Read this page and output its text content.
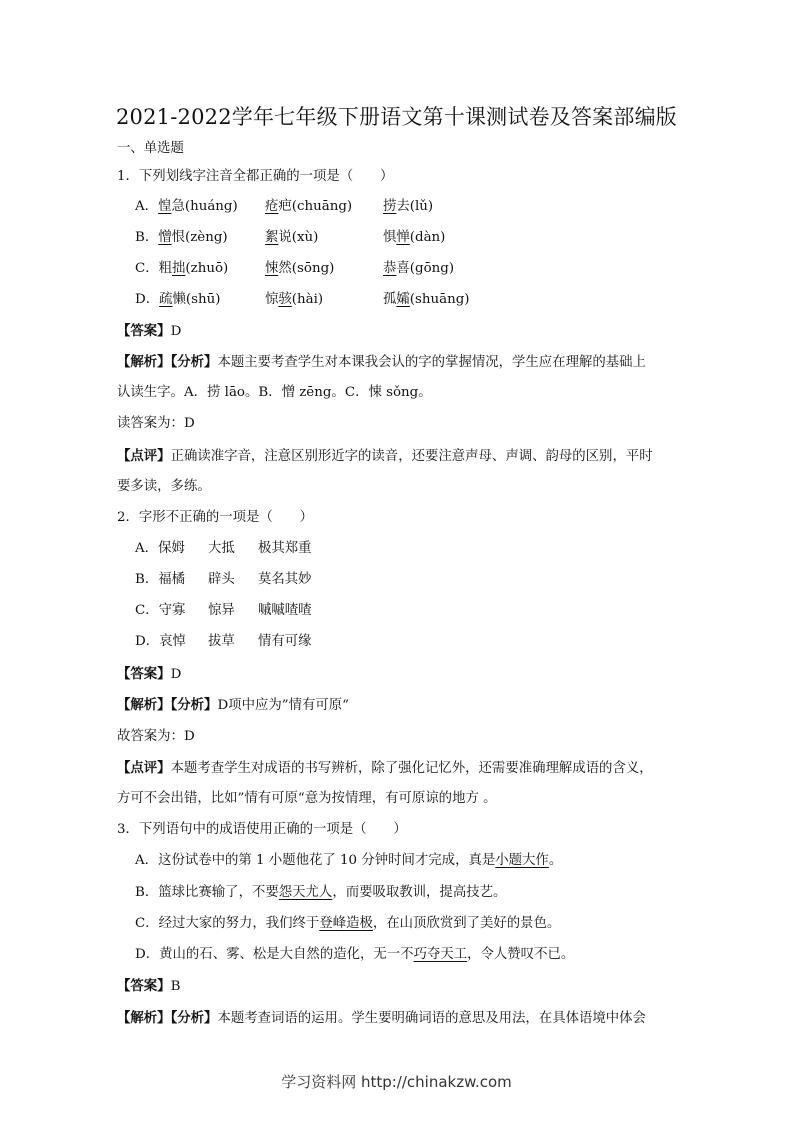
2021-2022学年七年级下册语文第十课测试卷及答案部编版
一、单选题
1．下列划线字注音全都正确的一项是（　　）
A．惶急(huáng) 疮疤(chuāng) 捞去(lǔ)
B．憎恨(zèng)	絮说(xù)	惧惮(dàn)
C．粗拙(zhuō)	悚然(sōng)	恭喜(gōng)
D．疏懒(shū)	惊骇(hài)	孤孀(shuāng)
【答案】D
【解析】【分析】本题主要考查学生对本课我会认的字的掌握情况，学生应在理解的基础上
认读生字。A．捞 lāo。B．憎 zēng。C．悚 sǒng。
读答案为：D
【点评】正确读准字音，注意区别形近字的读音，还要注意声母、声调、韵母的区别，平时
要多读，多练。
2．字形不正确的一项是（　　）
A．保姆 大抵 极其郑重
B．福橘 辟头 莫名其妙
C．守寡 惊异 嘁嘁喳喳
D．哀悼 拔草 情有可缘
【答案】D
【解析】【分析】D项中应为”情有可原“
故答案为：D
【点评】本题考查学生对成语的书写辨析，除了强化记忆外，还需要准确理解成语的含义，
方可不会出错，比如”情有可原“意为按情理，有可原谅的地方 。
3．下列语句中的成语使用正确的一项是（　　）
A．这份试卷中的第 1 小题他花了 10 分钟时间才完成，真是小题大作。
B．篮球比赛输了，不要怨天尤人，而要吸取教训，提高技艺。
C．经过大家的努力，我们终于登峰造极，在山顶欣赏到了美好的景色。
D．黄山的石、雾、松是大自然的造化，无一不巧夺天工，令人赞叹不已。
【答案】B
【解析】【分析】本题考查词语的运用。学生要明确词语的意思及用法，在具体语境中体会
学习资料网 http://chinakzw.com
